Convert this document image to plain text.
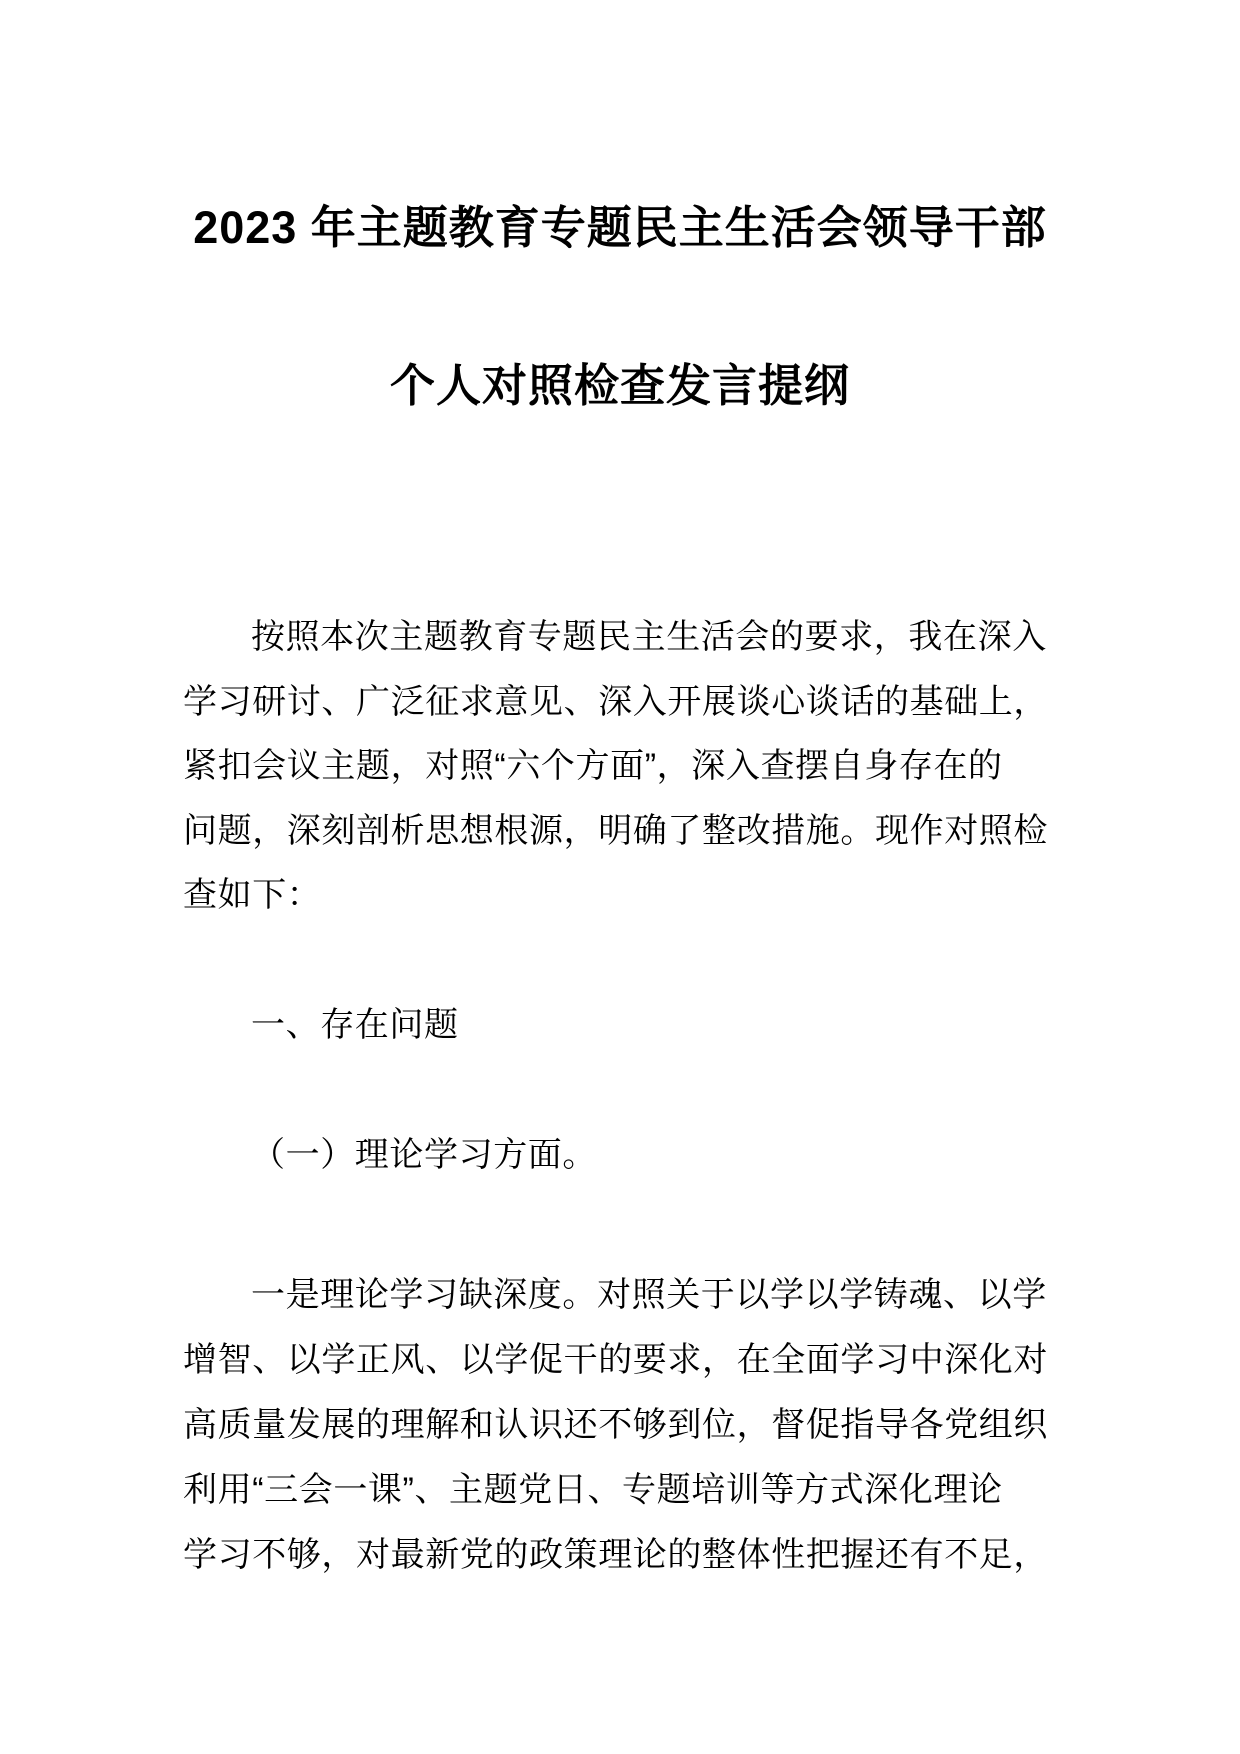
2023 年主题教育专题民主生活会领导干部
个人对照检查发言提纲
按照本次主题教育专题民主生活会的要求，我在深入
学习研讨、广泛征求意见、深入开展谈心谈话的基础上，
紧扣会议主题，对照“六个方面”，深入查摆自身存在的
问题，深刻剖析思想根源，明确了整改措施。现作对照检
查如下：
一、存在问题
（一）理论学习方面。
一是理论学习缺深度。对照关于以学以学铸魂、以学
增智、以学正风、以学促干的要求，在全面学习中深化对
高质量发展的理解和认识还不够到位，督促指导各党组织
利用“三会一课”、主题党日、专题培训等方式深化理论
学习不够，对最新党的政策理论的整体性把握还有不足，
